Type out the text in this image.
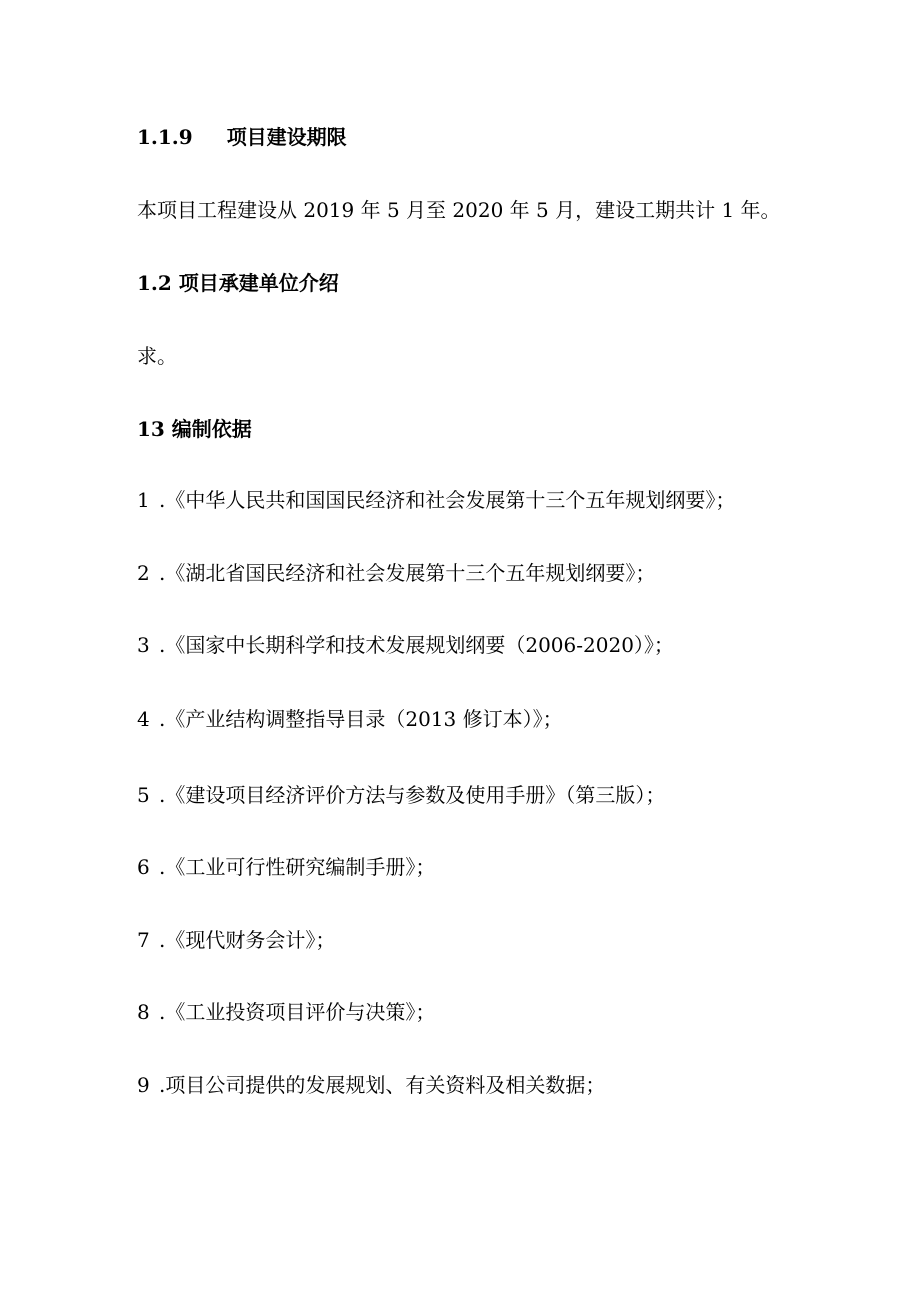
1.1.9 项目建设期限

本项目工程建设从 2019 年 5 月至 2020 年 5 月，建设工期共计 1 年。

1.2 项目承建单位介绍

求。

13 编制依据

1.《中华人民共和国国民经济和社会发展第十三个五年规划纲要》；

2.《湖北省国民经济和社会发展第十三个五年规划纲要》；

3.《国家中长期科学和技术发展规划纲要（2006-2020）》；

4.《产业结构调整指导目录（2013 修订本）》；

5.《建设项目经济评价方法与参数及使用手册》（第三版）；

6.《工业可行性研究编制手册》；

7.《现代财务会计》；

8.《工业投资项目评价与决策》；

9.项目公司提供的发展规划、有关资料及相关数据；
